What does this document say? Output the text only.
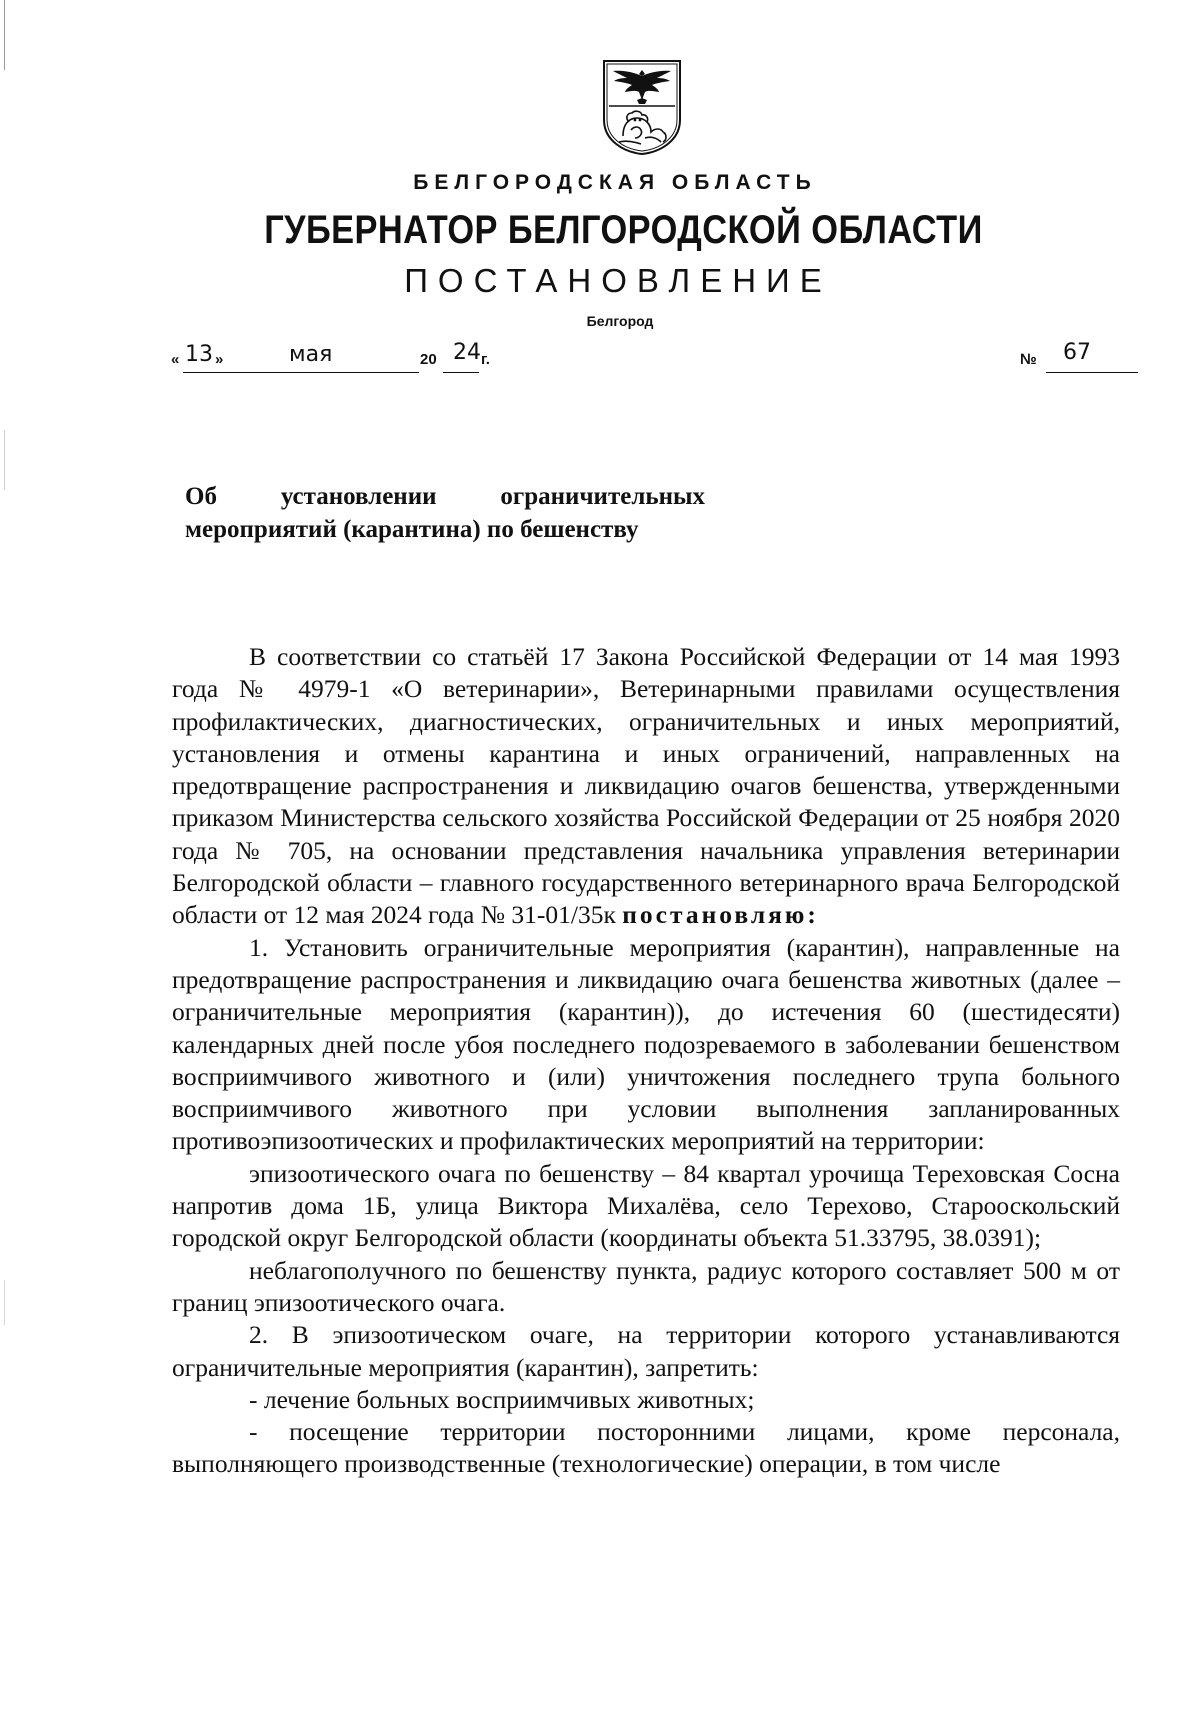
БЕЛГОРОДСКАЯ ОБЛАСТЬ
ГУБЕРНАТОР БЕЛГОРОДСКОЙ ОБЛАСТИ
ПОСТАНОВЛЕНИЕ
Белгород
« 13 »	мая	20 24 г.	№ 67
Об	установлении	ограничительных
мероприятий (карантина) по бешенству

В соответствии со статьёй 17 Закона Российской Федерации от 14 мая 1993 года № 4979-1 «О ветеринарии», Ветеринарными правилами осуществления профилактических, диагностических, ограничительных и иных мероприятий, установления и отмены карантина и иных ограничений, направленных на предотвращение распространения и ликвидацию очагов бешенства, утвержденными приказом Министерства сельского хозяйства Российской Федерации от 25 ноября 2020 года № 705, на основании представления начальника управления ветеринарии Белгородской области – главного государственного ветеринарного врача Белгородской области от 12 мая 2024 года № 31-01/35к постановляю:

1. Установить ограничительные мероприятия (карантин), направленные на предотвращение распространения и ликвидацию очага бешенства животных (далее – ограничительные мероприятия (карантин)), до истечения 60 (шестидесяти) календарных дней после убоя последнего подозреваемого в заболевании бешенством восприимчивого животного и (или) уничтожения последнего трупа больного восприимчивого животного при условии выполнения запланированных противоэпизоотических и профилактических мероприятий на территории:

эпизоотического очага по бешенству – 84 квартал урочища Тереховская Сосна напротив дома 1Б, улица Виктора Михалёва, село Терехово, Старооскольский городской округ Белгородской области (координаты объекта 51.33795, 38.0391);

неблагополучного по бешенству пункта, радиус которого составляет 500 м от границ эпизоотического очага.

2. В эпизоотическом очаге, на территории которого устанавливаются ограничительные мероприятия (карантин), запретить:

- лечение больных восприимчивых животных;

- посещение территории посторонними лицами, кроме персонала, выполняющего производственные (технологические) операции, в том числе
